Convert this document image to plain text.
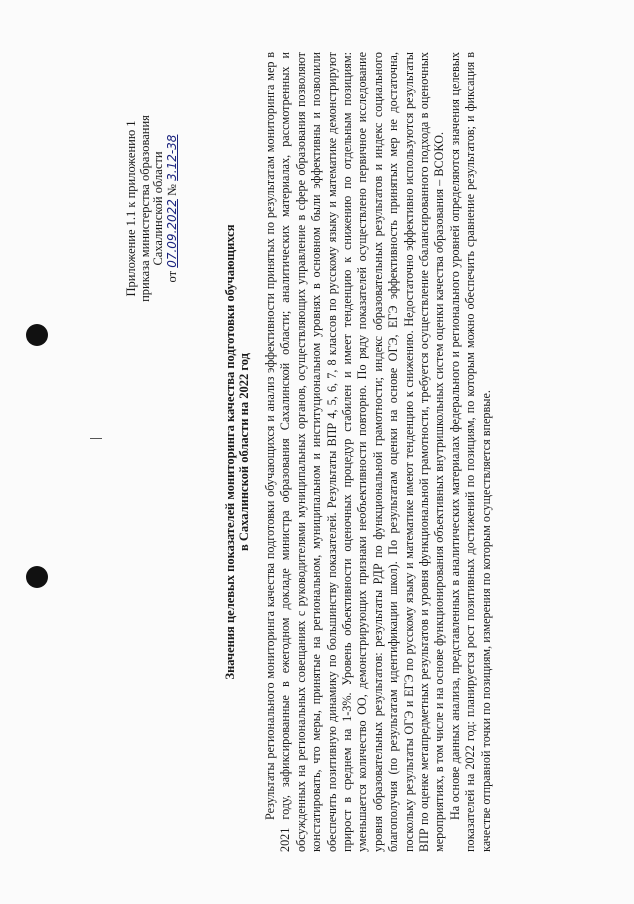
Приложение 1.1 к приложению 1 приказа министерства образования Сахалинской области
от 07.09.2022 № 3.12-38
Значения целевых показателей мониторинга качества подготовки обучающихся в Сахалинской области на 2022 год Результаты регионального мониторинга качества подготовки обучающихся и анализ эффективности принятых по результатам мониторинга мер в 2021 году, зафиксированные в ежегодном докладе министра образования Сахалинской области; аналитических материалах, рассмотренных и обсужденных на региональных совещаниях с руководителями муниципальных органов, осуществляющих управление в сфере образования позволяют констатировать, что меры, принятые на региональном, муниципальном и институциональном уровнях в основном были эффективны и позволили обеспечить позитивную динамику по большинству показателей. Результаты ВПР 4, 5, 6, 7, 8 классов по русскому языку и математике демонстрируют прирост в среднем на 1-3%. Уровень объективности оценочных процедур стабилен и имеет тенденцию к снижению по отдельным позициям: уменьшается количество ОО, демонстрирующих признаки необъективности повторно. По ряду показателей осуществлено первичное исследование уровня образовательных результатов: результаты РДР по функциональной грамотности; индекс образовательных результатов и индекс социального благополучия (по результатам идентификации школ). По результатам оценки на основе ОГЭ, ЕГЭ эффективность принятых мер не достаточна, поскольку результаты ОГЭ и ЕГЭ по русскому языку и математике имеют тенденцию к снижению. Недостаточно эффективно используются результаты ВПР по оценке метапредметных результатов и уровня функциональной грамотности, требуется осуществление сбалансированного подхода в оценочных мероприятиях, в том числе и на основе функционирования объективных внутришкольных систем оценки качества образования – ВСОКО. На основе данных анализа, представленных в аналитических материалах федерального и регионального уровней определяются значения целевых показателей на 2022 год: планируется рост позитивных достижений по позициям, по которым можно обеспечить сравнение результатов; и фиксация в качестве отправной точки по позициям, измерения по которым осуществляется впервые.
